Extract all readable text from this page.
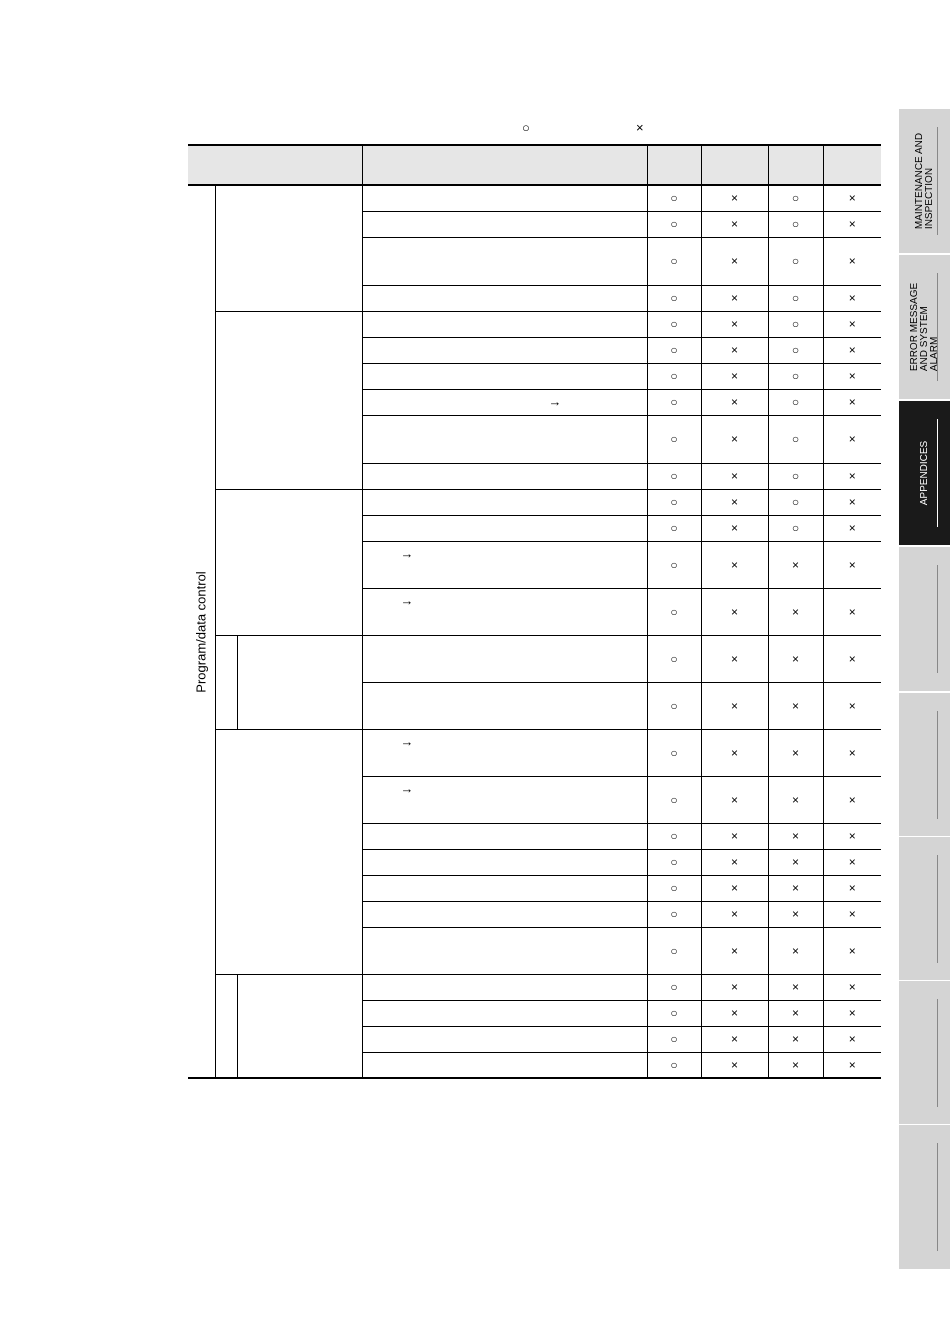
○	×

Program/data control				○	×	○	×
				○	×	○	×
				○	×	○	×
				○	×	○	×
				○	×	○	×
				○	×	○	×
				○	×	○	×

			→	○	×	○	×
				○	×	○	×
				○	×	○	×
				○	×	○	×
				○	×	○	×

			→	○	×	×	×

			→	○	×	×	×
				○	×	×	×
				○	×	×	×

			→	○	×	×	×

			→	○	×	×	×
				○	×	×	×
				○	×	×	×
				○	×	×	×
				○	×	×	×
				○	×	×	×
				○	×	×	×
				○	×	×	×
				○	×	×	×
				○	×	×	×
MAINTENANCE AND
INSPECTION
ERROR MESSAGE
AND SYSTEM
ALARM
APPENDICES
